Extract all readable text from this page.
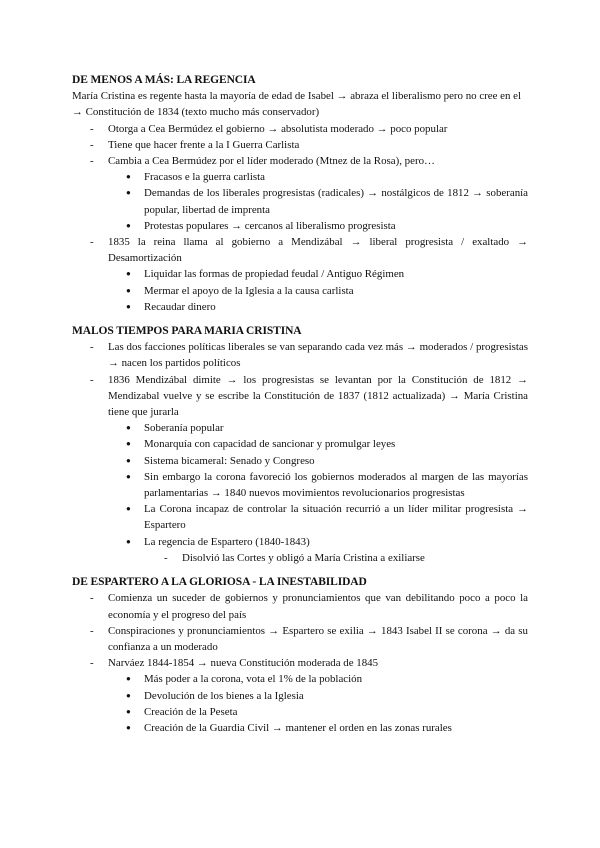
DE MENOS A MÁS: LA REGENCIA

María Cristina es regente hasta la mayoría de edad de Isabel → abraza el liberalismo pero no cree en el → Constitución de 1834 (texto mucho más conservador)

- Otorga a Cea Bermúdez el gobierno → absolutista moderado → poco popular
- Tiene que hacer frente a la I Guerra Carlista
- Cambia a Cea Bermúdez por el líder moderado (Mtnez de la Rosa), pero…
● Fracasos e la guerra carlista
● Demandas de los liberales progresistas (radicales) → nostálgicos de 1812 → soberanía popular, libertad de imprenta
● Protestas populares → cercanos al liberalismo progresista
- 1835 la reina llama al gobierno a Mendizábal → liberal progresista / exaltado → Desamortización
● Liquidar las formas de propiedad feudal / Antiguo Régimen
● Mermar el apoyo de la Iglesia a la causa carlista
● Recaudar dinero
MALOS TIEMPOS PARA MARIA CRISTINA
- Las dos facciones políticas liberales se van separando cada vez más → moderados / progresistas → nacen los partidos políticos
- 1836 Mendizábal dimite → los progresistas se levantan por la Constitución de 1812 → Mendizabal vuelve y se escribe la Constitución de 1837 (1812 actualizada) → María Cristina tiene que jurarla
● Soberanía popular
● Monarquía con capacidad de sancionar y promulgar leyes
● Sistema bicameral: Senado y Congreso
● Sin embargo la corona favoreció los gobiernos moderados al margen de las mayorías parlamentarias → 1840 nuevos movimientos revolucionarios progresistas
● La Corona incapaz de controlar la situación recurrió a un líder militar progresista → Espartero
● La regencia de Espartero (1840-1843)
- Disolvió las Cortes y obligó a María Cristina a exiliarse
DE ESPARTERO A LA GLORIOSA - LA INESTABILIDAD
- Comienza un suceder de gobiernos y pronunciamientos que van debilitando poco a poco la economía y el progreso del país
- Conspiraciones y pronunciamientos → Espartero se exilia → 1843 Isabel II se corona → da su confianza a un moderado
- Narváez 1844-1854 → nueva Constitución moderada de 1845
● Más poder a la corona, vota el 1% de la población
● Devolución de los bienes a la Iglesia
● Creación de la Peseta
● Creación de la Guardia Civil → mantener el orden en las zonas rurales
